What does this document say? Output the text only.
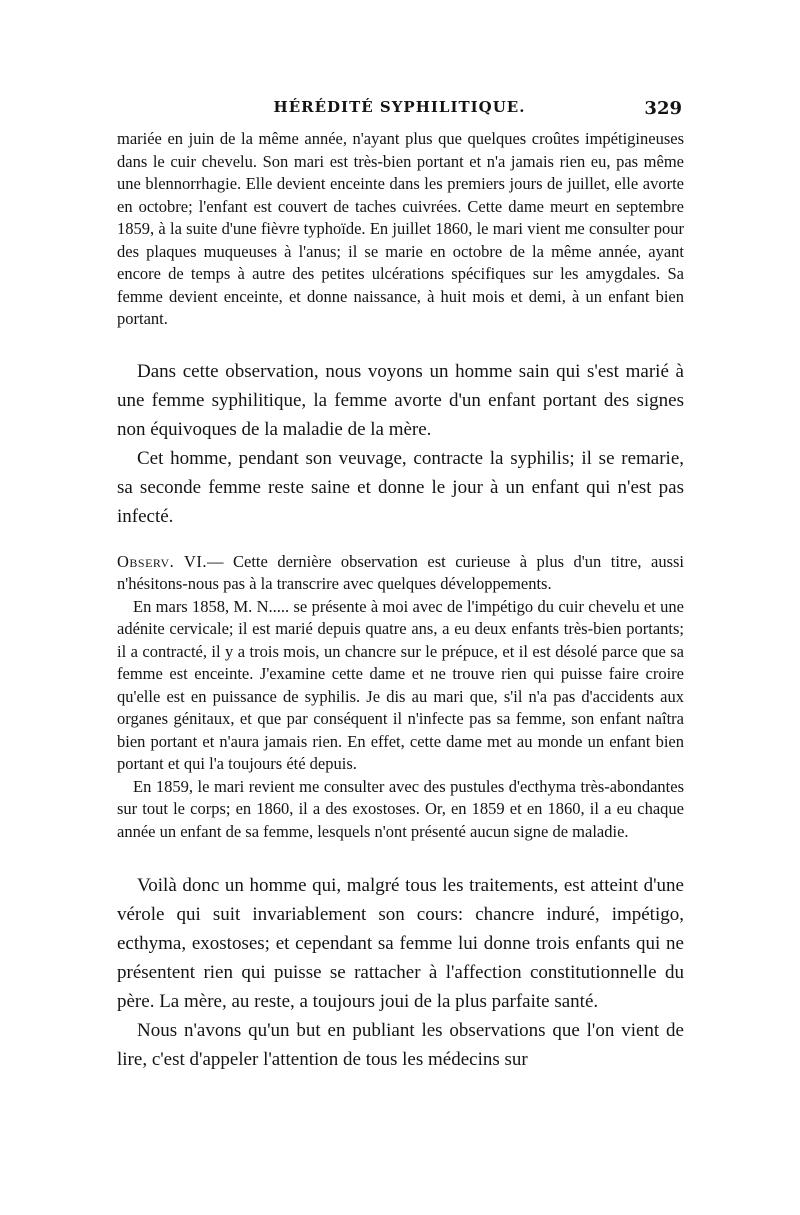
HÉRÉDITÉ SYPHILITIQUE.	329

mariée en juin de la même année, n'ayant plus que quelques croûtes impétigineuses dans le cuir chevelu. Son mari est très-bien portant et n'a jamais rien eu, pas même une blennorrhagie. Elle devient enceinte dans les premiers jours de juillet, elle avorte en octobre; l'enfant est couvert de taches cuivrées. Cette dame meurt en septembre 1859, à la suite d'une fièvre typhoïde. En juillet 1860, le mari vient me consulter pour des plaques muqueuses à l'anus; il se marie en octobre de la même année, ayant encore de temps à autre des petites ulcérations spécifiques sur les amygdales. Sa femme devient enceinte, et donne naissance, à huit mois et demi, à un enfant bien portant.

Dans cette observation, nous voyons un homme sain qui s'est marié à une femme syphilitique, la femme avorte d'un enfant portant des signes non équivoques de la maladie de la mère.

Cet homme, pendant son veuvage, contracte la syphilis; il se remarie, sa seconde femme reste saine et donne le jour à un enfant qui n'est pas infecté.

Observ. VI.— Cette dernière observation est curieuse à plus d'un titre, aussi n'hésitons-nous pas à la transcrire avec quelques développements.

En mars 1858, M. N..... se présente à moi avec de l'impétigo du cuir chevelu et une adénite cervicale; il est marié depuis quatre ans, a eu deux enfants très-bien portants; il a contracté, il y a trois mois, un chancre sur le prépuce, et il est désolé parce que sa femme est enceinte. J'examine cette dame et ne trouve rien qui puisse faire croire qu'elle est en puissance de syphilis. Je dis au mari que, s'il n'a pas d'accidents aux organes génitaux, et que par conséquent il n'infecte pas sa femme, son enfant naîtra bien portant et n'aura jamais rien. En effet, cette dame met au monde un enfant bien portant et qui l'a toujours été depuis.

En 1859, le mari revient me consulter avec des pustules d'ecthyma très-abondantes sur tout le corps; en 1860, il a des exostoses. Or, en 1859 et en 1860, il a eu chaque année un enfant de sa femme, lesquels n'ont présenté aucun signe de maladie.

Voilà donc un homme qui, malgré tous les traitements, est atteint d'une vérole qui suit invariablement son cours: chancre induré, impétigo, ecthyma, exostoses; et cependant sa femme lui donne trois enfants qui ne présentent rien qui puisse se rattacher à l'affection constitutionnelle du père. La mère, au reste, a toujours joui de la plus parfaite santé.

Nous n'avons qu'un but en publiant les observations que l'on vient de lire, c'est d'appeler l'attention de tous les médecins sur
